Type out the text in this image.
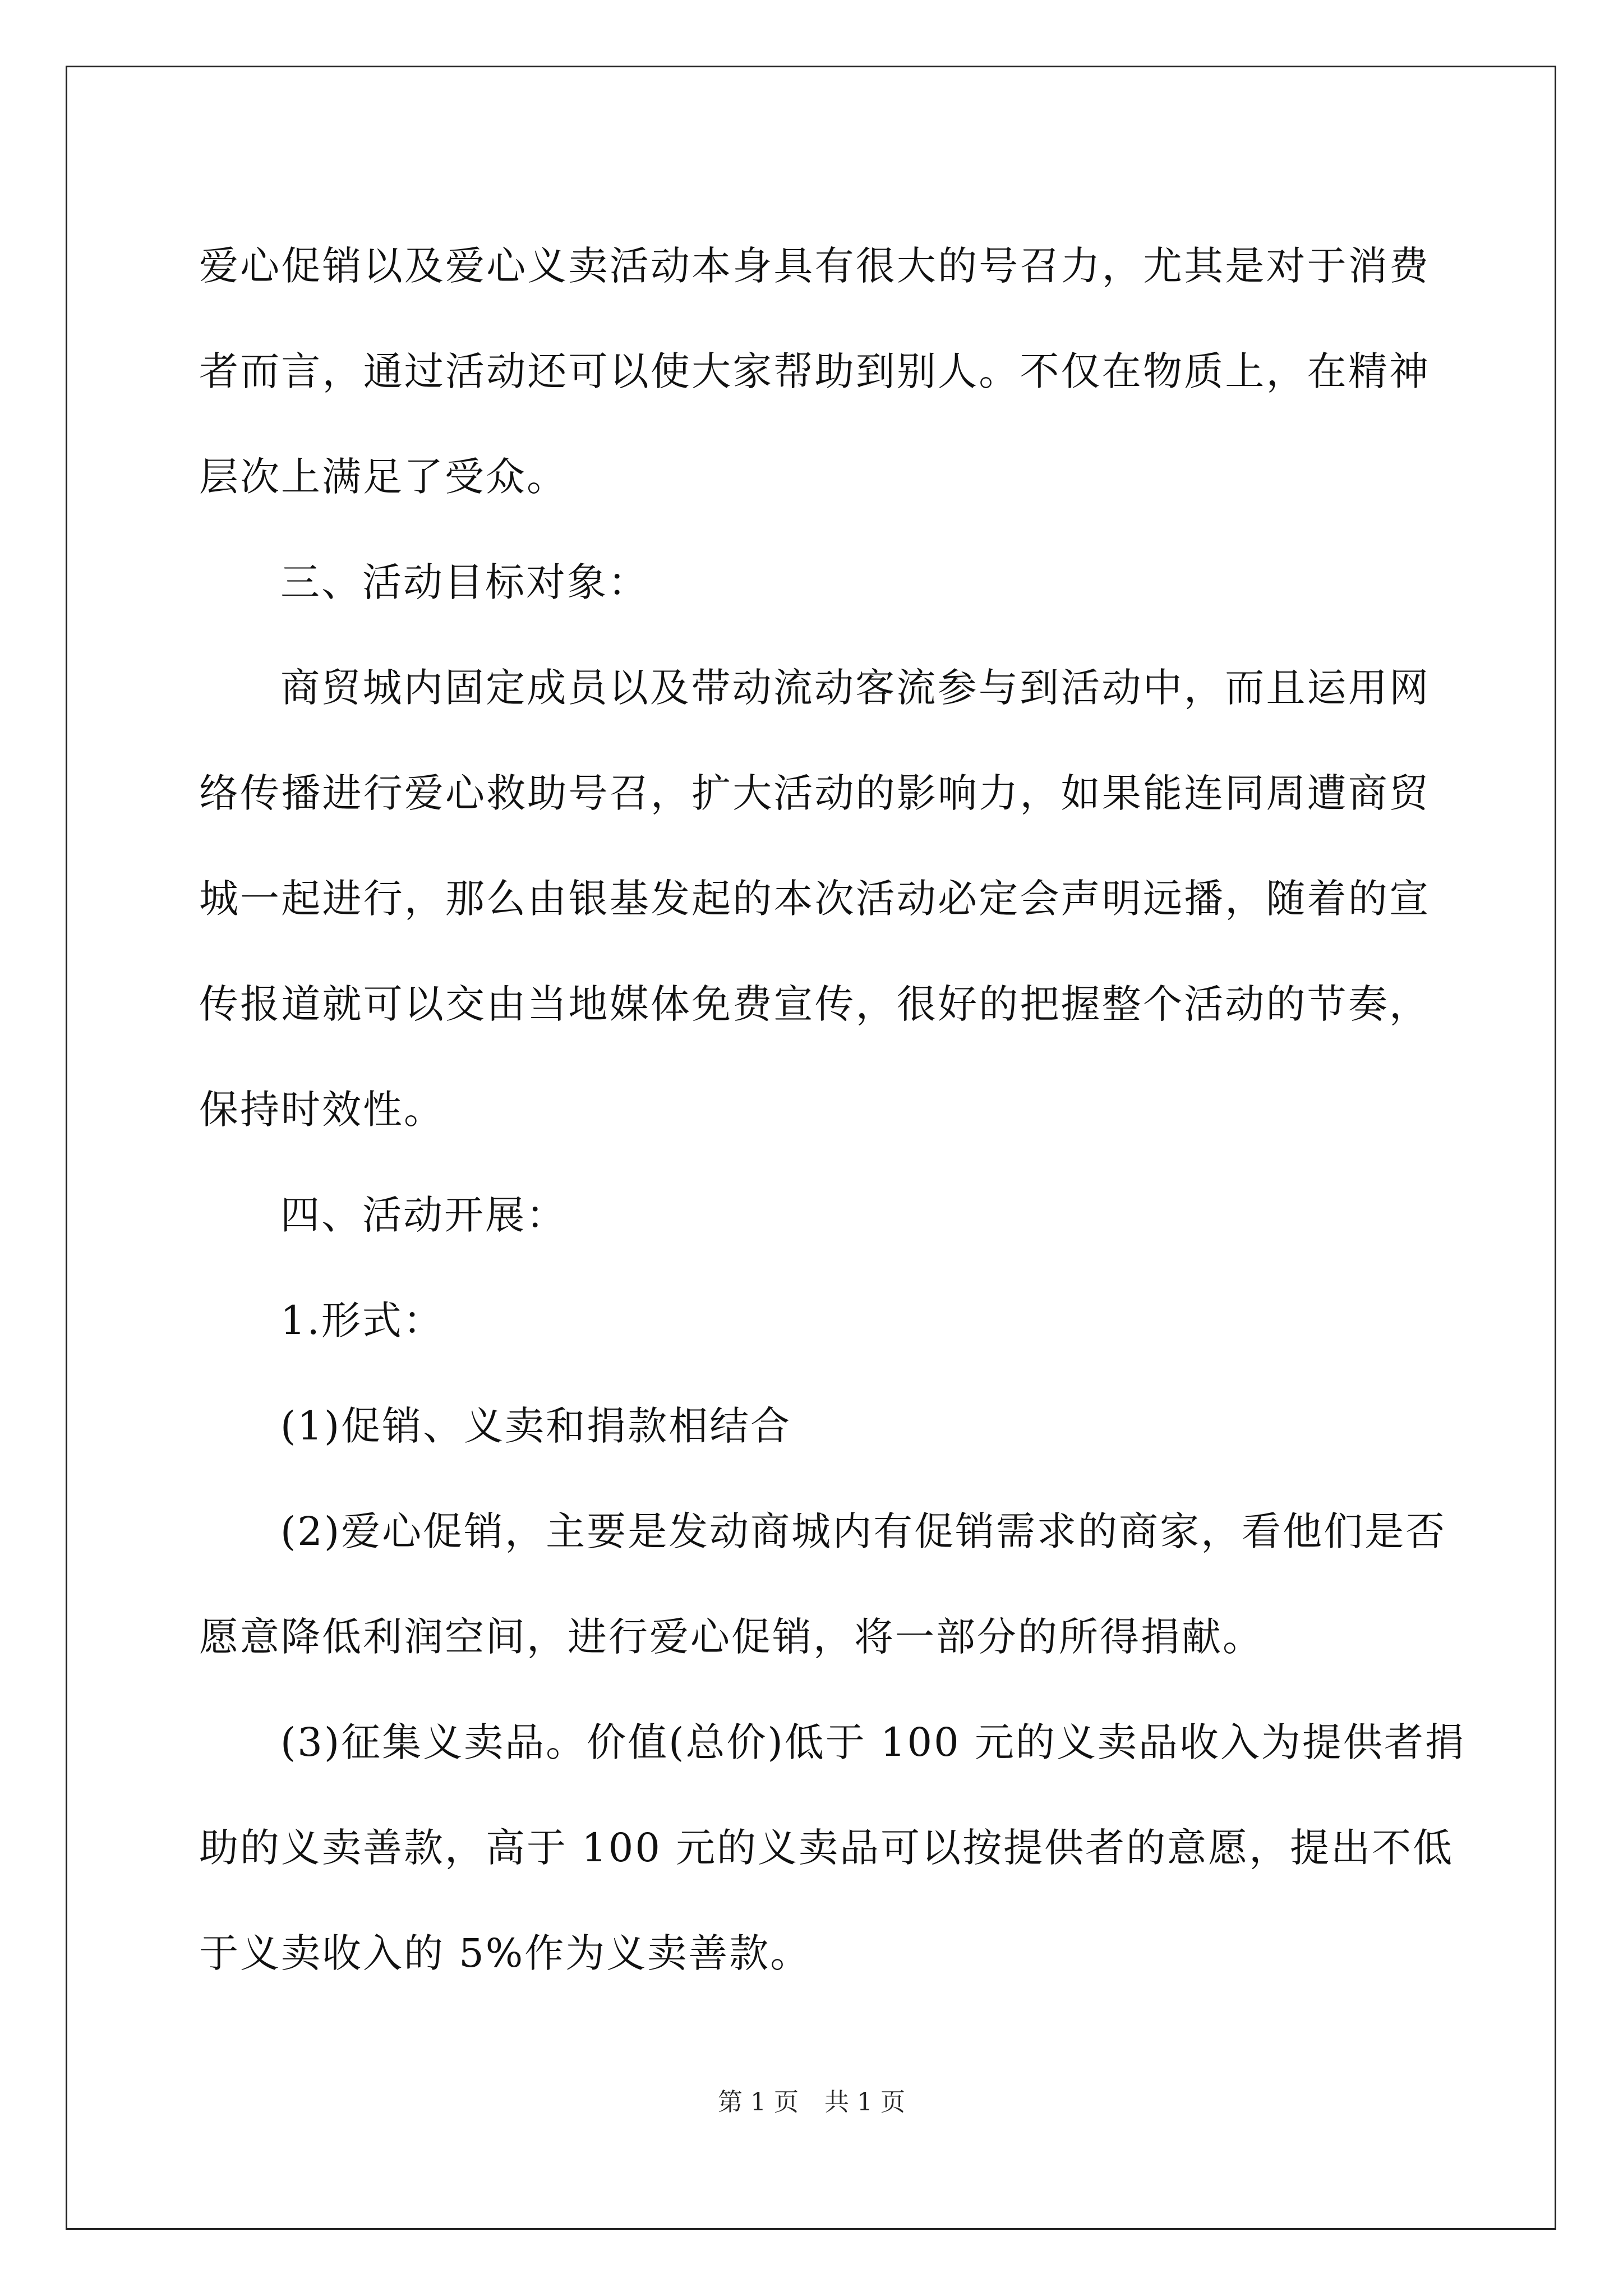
爱心促销以及爱心义卖活动本身具有很大的号召力，尤其是对于消费
者而言，通过活动还可以使大家帮助到别人。不仅在物质上，在精神
层次上满足了受众。
三、活动目标对象：
商贸城内固定成员以及带动流动客流参与到活动中，而且运用网
络传播进行爱心救助号召，扩大活动的影响力，如果能连同周遭商贸
城一起进行，那么由银基发起的本次活动必定会声明远播，随着的宣
传报道就可以交由当地媒体免费宣传，很好的把握整个活动的节奏，
保持时效性。
四、活动开展：
1.形式：
(1)促销、义卖和捐款相结合
(2)爱心促销，主要是发动商城内有促销需求的商家，看他们是否
愿意降低利润空间，进行爱心促销，将一部分的所得捐献。
(3)征集义卖品。价值(总价)低于 100 元的义卖品收入为提供者捐
助的义卖善款，高于 100 元的义卖品可以按提供者的意愿，提出不低
于义卖收入的 5%作为义卖善款。
第 1 页 共 1 页
